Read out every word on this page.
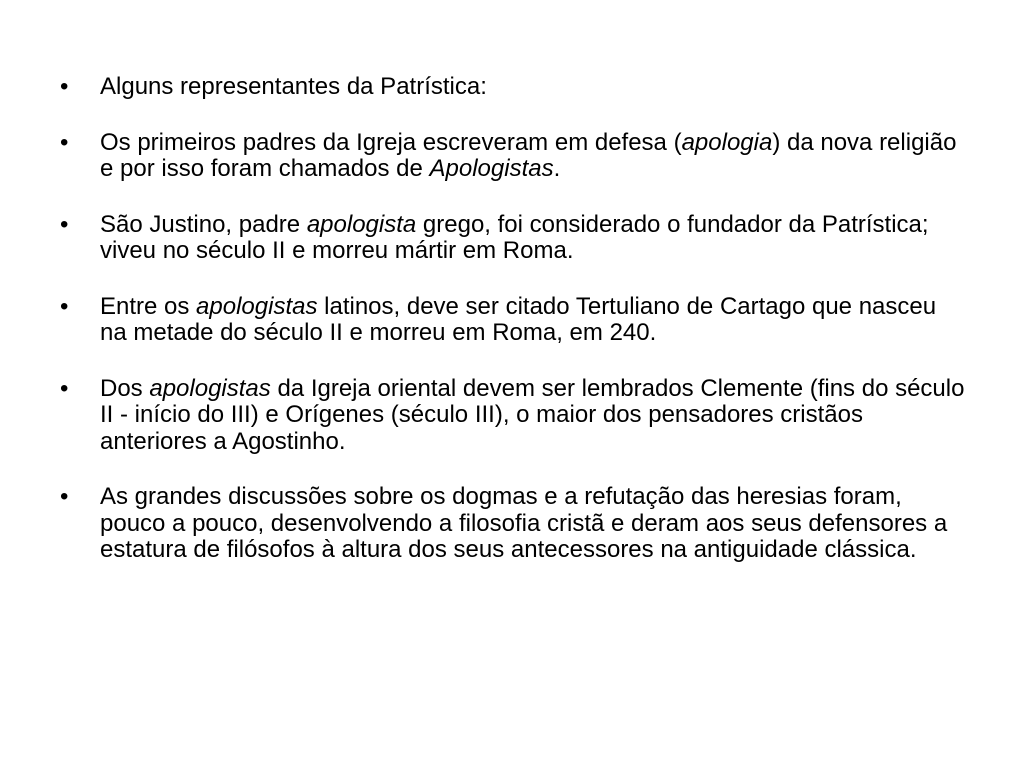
• Alguns representantes da Patrística:
• Os primeiros padres da Igreja escreveram em defesa (apologia) da nova religião e por isso foram chamados de Apologistas.
• São Justino, padre apologista grego, foi considerado o fundador da Patrística; viveu no século II e morreu mártir em Roma.
• Entre os apologistas latinos, deve ser citado Tertuliano de Cartago que nasceu na metade do século II e morreu em Roma, em 240.
• Dos apologistas da Igreja oriental devem ser lembrados Clemente (fins do século II - início do III) e Orígenes (século III), o maior dos pensadores cristãos anteriores a Agostinho.
• As grandes discussões sobre os dogmas e a refutação das heresias foram, pouco a pouco, desenvolvendo a filosofia cristã e deram aos seus defensores a estatura de filósofos à altura dos seus antecessores na antiguidade clássica.
